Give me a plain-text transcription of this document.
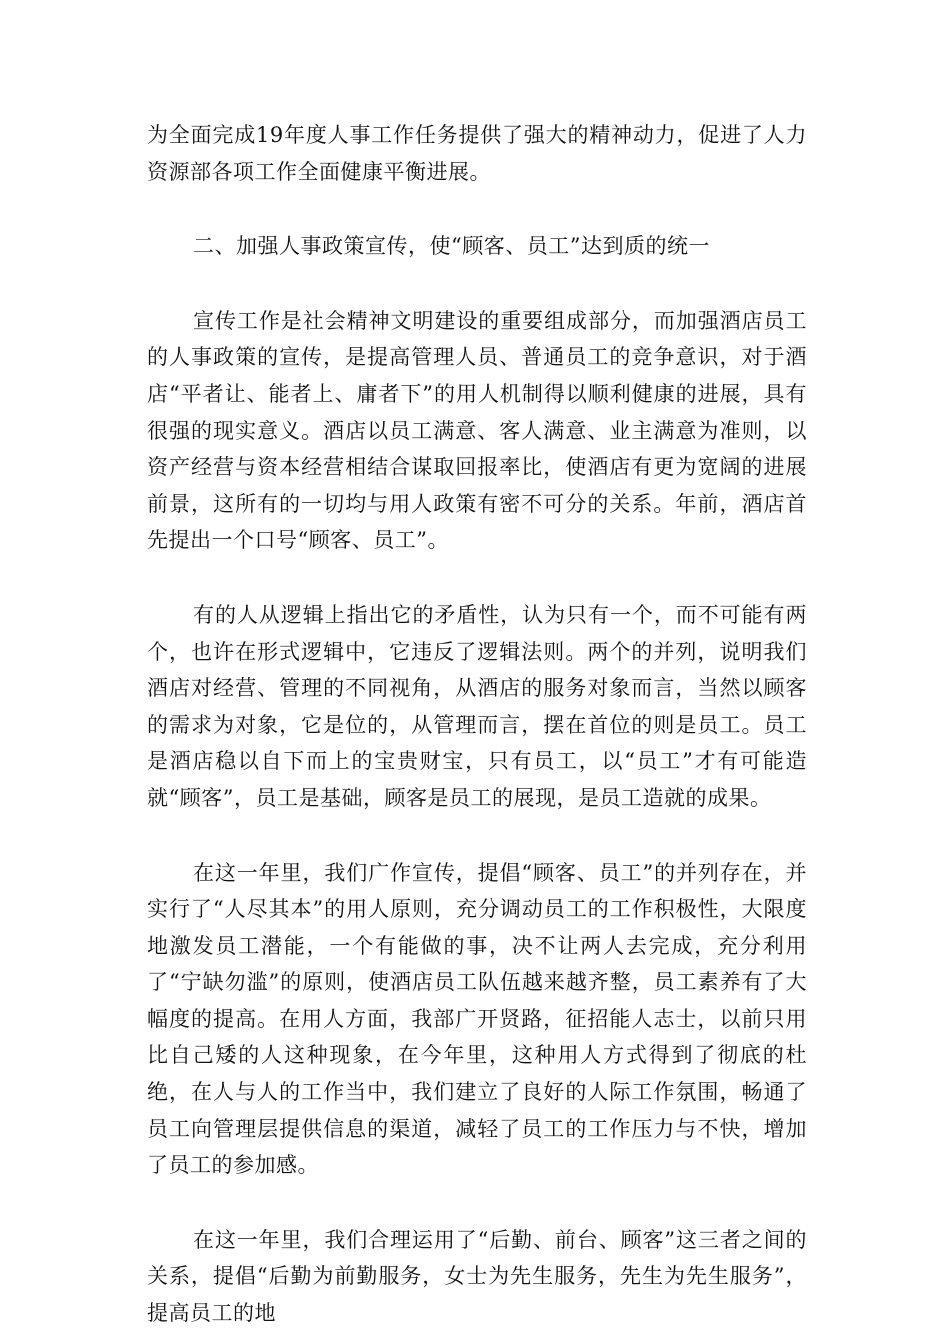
为全面完成19年度人事工作任务提供了强大的精神动力，促进了人力资源部各项工作全面健康平衡进展。

二、加强人事政策宣传，使“顾客、员工”达到质的统一

宣传工作是社会精神文明建设的重要组成部分，而加强酒店员工的人事政策的宣传，是提高管理人员、普通员工的竞争意识，对于酒店“平者让、能者上、庸者下”的用人机制得以顺利健康的进展，具有很强的现实意义。酒店以员工满意、客人满意、业主满意为准则，以资产经营与资本经营相结合谋取回报率比，使酒店有更为宽阔的进展前景，这所有的一切均与用人政策有密不可分的关系。年前，酒店首先提出一个口号“顾客、员工”。

有的人从逻辑上指出它的矛盾性，认为只有一个，而不可能有两个，也许在形式逻辑中，它违反了逻辑法则。两个的并列，说明我们酒店对经营、管理的不同视角，从酒店的服务对象而言，当然以顾客的需求为对象，它是位的，从管理而言，摆在首位的则是员工。员工是酒店稳以自下而上的宝贵财宝，只有员工，以“员工”才有可能造就“顾客”，员工是基础，顾客是员工的展现，是员工造就的成果。

在这一年里，我们广作宣传，提倡“顾客、员工”的并列存在，并实行了“人尽其本”的用人原则，充分调动员工的工作积极性，大限度地激发员工潜能，一个有能做的事，决不让两人去完成，充分利用了“宁缺勿滥”的原则，使酒店员工队伍越来越齐整，员工素养有了大幅度的提高。在用人方面，我部广开贤路，征招能人志士，以前只用比自己矮的人这种现象，在今年里，这种用人方式得到了彻底的杜绝，在人与人的工作当中，我们建立了良好的人际工作氛围，畅通了员工向管理层提供信息的渠道，减轻了员工的工作压力与不快，增加了员工的参加感。

在这一年里，我们合理运用了“后勤、前台、顾客”这三者之间的关系，提倡“后勤为前勤服务，女士为先生服务，先生为先生服务”，提高员工的地
